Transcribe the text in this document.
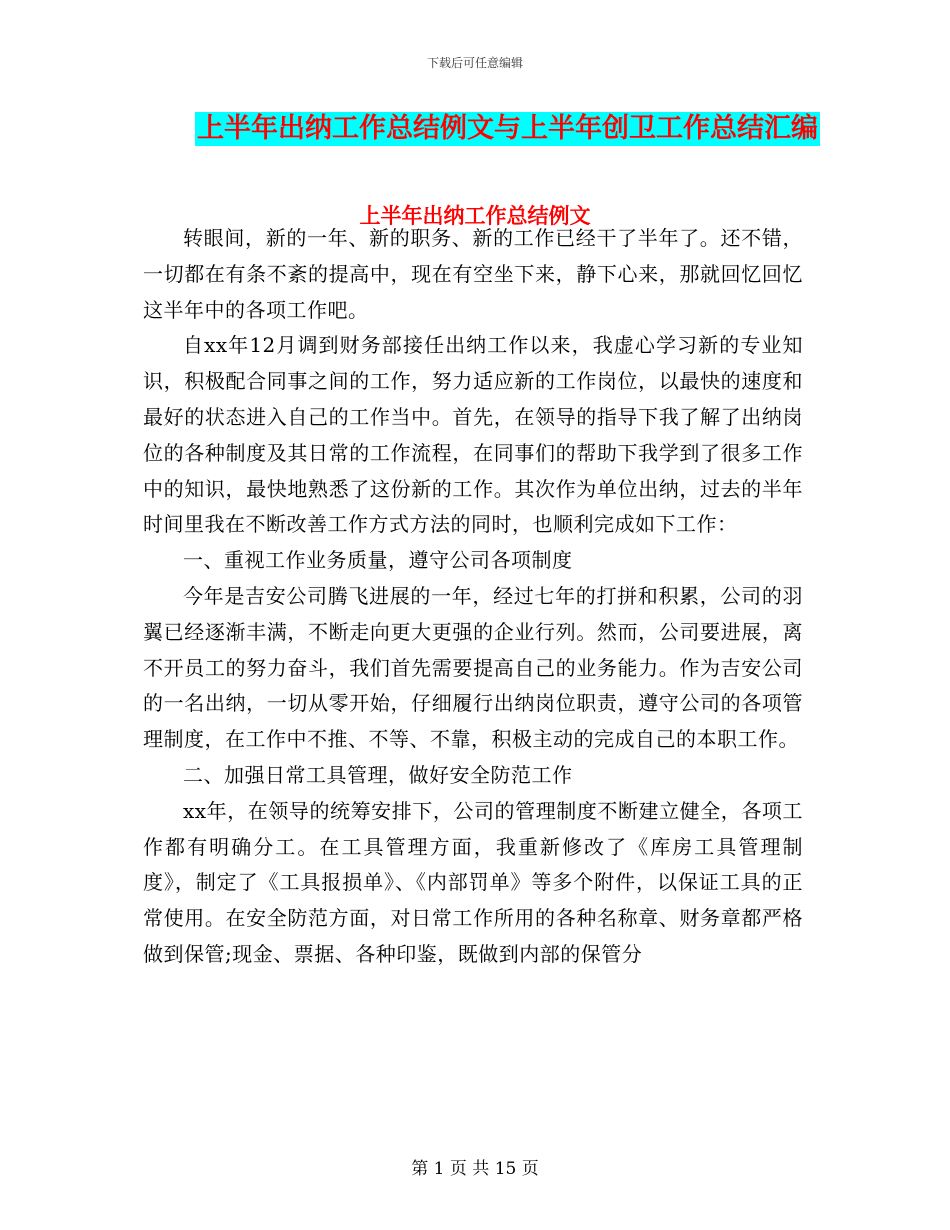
下载后可任意编辑
上半年出纳工作总结例文与上半年创卫工作总结汇编
上半年出纳工作总结例文

转眼间，新的一年、新的职务、新的工作已经干了半年了。还不错，一切都在有条不紊的提高中，现在有空坐下来，静下心来，那就回忆回忆这半年中的各项工作吧。

自xx年12月调到财务部接任出纳工作以来，我虚心学习新的专业知识，积极配合同事之间的工作，努力适应新的工作岗位，以最快的速度和最好的状态进入自己的工作当中。首先，在领导的指导下我了解了出纳岗位的各种制度及其日常的工作流程，在同事们的帮助下我学到了很多工作中的知识，最快地熟悉了这份新的工作。其次作为单位出纳，过去的半年时间里我在不断改善工作方式方法的同时，也顺利完成如下工作：

一、重视工作业务质量，遵守公司各项制度

今年是吉安公司腾飞进展的一年，经过七年的打拼和积累，公司的羽翼已经逐渐丰满，不断走向更大更强的企业行列。然而，公司要进展，离不开员工的努力奋斗，我们首先需要提高自己的业务能力。作为吉安公司的一名出纳，一切从零开始，仔细履行出纳岗位职责，遵守公司的各项管理制度，在工作中不推、不等、不靠，积极主动的完成自己的本职工作。

二、加强日常工具管理，做好安全防范工作

xx年，在领导的统筹安排下，公司的管理制度不断建立健全，各项工作都有明确分工。在工具管理方面，我重新修改了《库房工具管理制度》，制定了《工具报损单》、《内部罚单》等多个附件，以保证工具的正常使用。在安全防范方面，对日常工作所用的各种名称章、财务章都严格做到保管;现金、票据、各种印鉴，既做到内部的保管分

第 1 页 共 15 页
